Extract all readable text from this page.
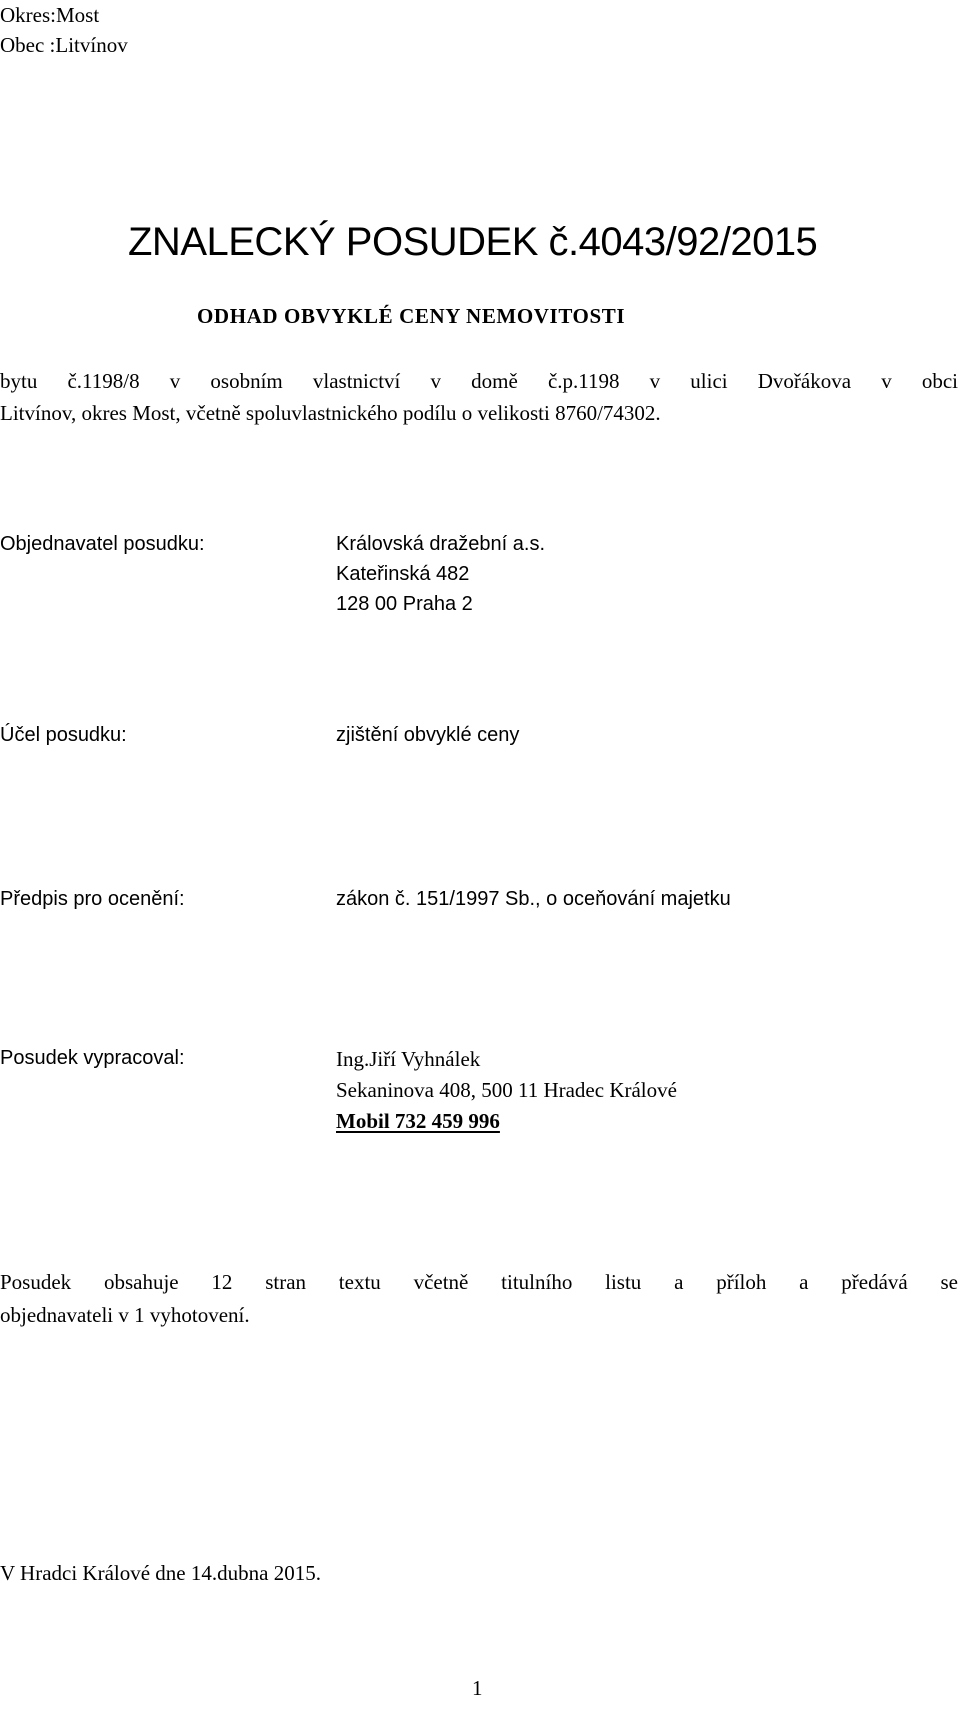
Okres:Most
Obec :Litvínov
ZNALECKÝ POSUDEK č.4043/92/2015
ODHAD OBVYKLÉ CENY NEMOVITOSTI
bytu č.1198/8 v osobním vlastnictví v domě č.p.1198 v ulici Dvořákova v obci
Litvínov, okres Most, včetně spoluvlastnického podílu o velikosti 8760/74302.
Objednavatel posudku:	Královská dražební a.s.
Kateřinská 482
128 00 Praha 2
Účel posudku:	zjištění obvyklé ceny
Předpis pro ocenění:	zákon č. 151/1997 Sb., o oceňování majetku
Posudek vypracoval:	Ing.Jiří Vyhnálek
Sekaninova 408, 500 11 Hradec Králové
Mobil 732 459 996
Posudek obsahuje 12 stran textu včetně titulního listu a příloh a předává se
objednavateli v 1 vyhotovení.
V Hradci Králové dne 14.dubna 2015.
1
